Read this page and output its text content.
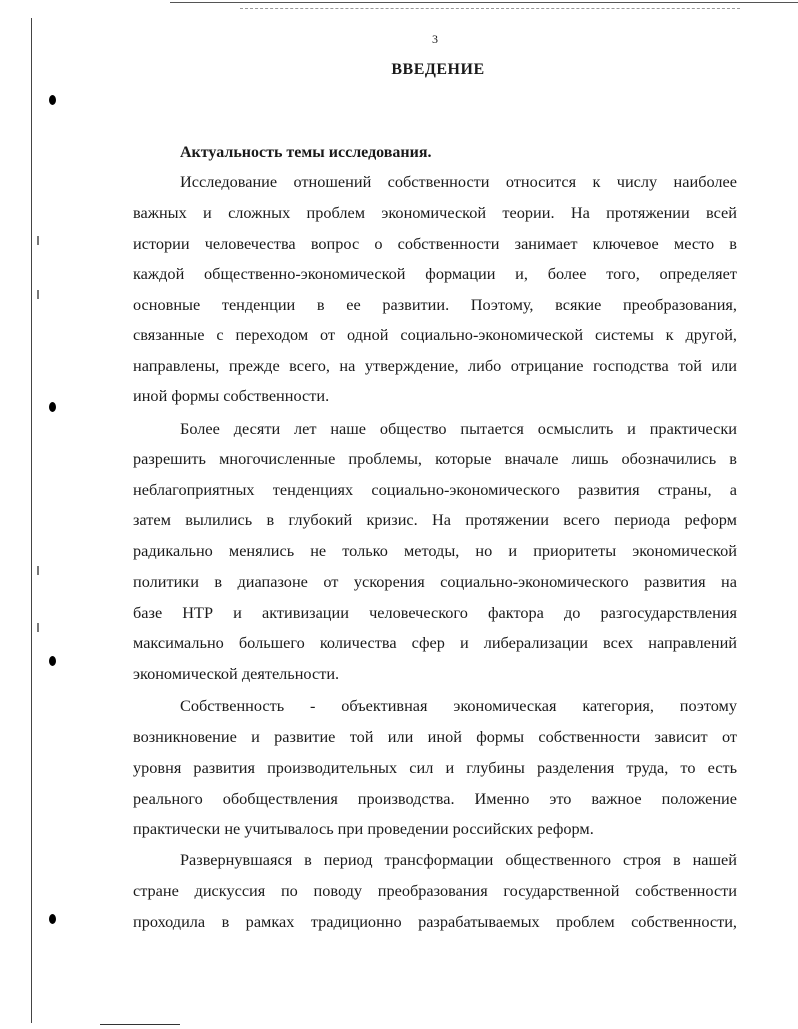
3
ВВЕДЕНИЕ
Актуальность темы исследования.
Исследование отношений собственности относится к числу наиболее
важных и сложных проблем экономической теории. На протяжении всей
истории человечества вопрос о собственности занимает ключевое место в
каждой общественно-экономической формации и, более того, определяет
основные тенденции в ее развитии. Поэтому, всякие преобразования,
связанные с переходом от одной социально-экономической системы к другой,
направлены, прежде всего, на утверждение, либо отрицание господства той или
иной формы собственности.
Более десяти лет наше общество пытается осмыслить и практически
разрешить многочисленные проблемы, которые вначале лишь обозначились в
неблагоприятных тенденциях социально-экономического развития страны, а
затем вылились в глубокий кризис. На протяжении всего периода реформ
радикально менялись не только методы, но и приоритеты экономической
политики в диапазоне от ускорения социально-экономического развития на
базе НТР и активизации человеческого фактора до разгосударствления
максимально большего количества сфер и либерализации всех направлений
экономической деятельности.
Собственность - объективная экономическая категория, поэтому
возникновение и развитие той или иной формы собственности зависит от
уровня развития производительных сил и глубины разделения труда, то есть
реального обобществления производства. Именно это важное положение
практически не учитывалось при проведении российских реформ.
Развернувшаяся в период трансформации общественного строя в нашей
стране дискуссия по поводу преобразования государственной собственности
проходила в рамках традиционно разрабатываемых проблем собственности,
